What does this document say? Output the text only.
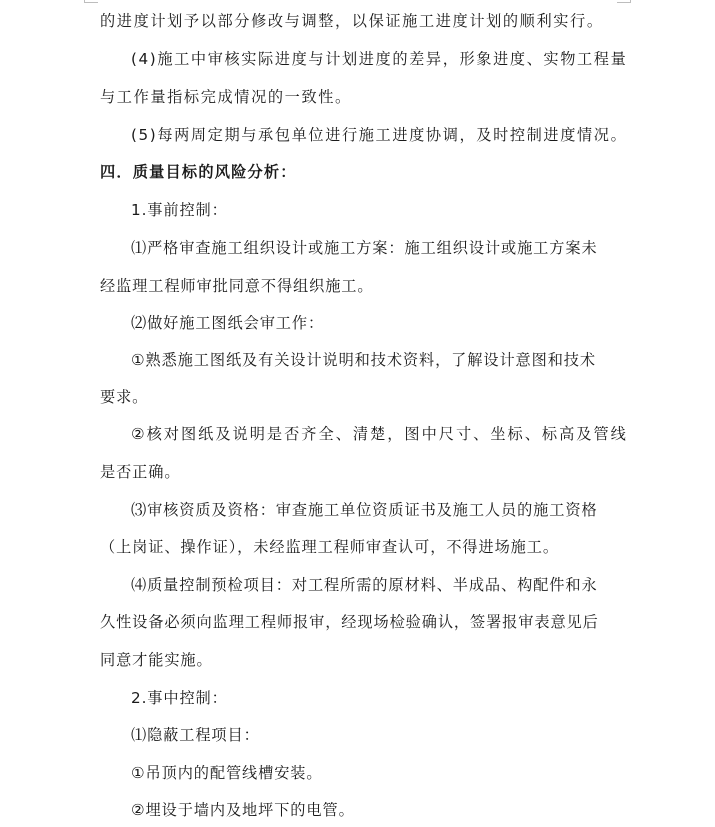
的进度计划予以部分修改与调整，以保证施工进度计划的顺利实行。
(4)施工中审核实际进度与计划进度的差异，形象进度、实物工程量
与工作量指标完成情况的一致性。
(5)每两周定期与承包单位进行施工进度协调，及时控制进度情况。
四．质量目标的风险分析：
1.事前控制：
⑴严格审查施工组织设计或施工方案：施工组织设计或施工方案未
经监理工程师审批同意不得组织施工。
⑵做好施工图纸会审工作：
①熟悉施工图纸及有关设计说明和技术资料，了解设计意图和技术
要求。
②核对图纸及说明是否齐全、清楚，图中尺寸、坐标、标高及管线
是否正确。
⑶审核资质及资格：审查施工单位资质证书及施工人员的施工资格
（上岗证、操作证），未经监理工程师审查认可，不得进场施工。
⑷质量控制预检项目：对工程所需的原材料、半成品、构配件和永
久性设备必须向监理工程师报审，经现场检验确认，签署报审表意见后
同意才能实施。
2.事中控制：
⑴隐蔽工程项目：
①吊顶内的配管线槽安装。
②埋设于墙内及地坪下的电管。
